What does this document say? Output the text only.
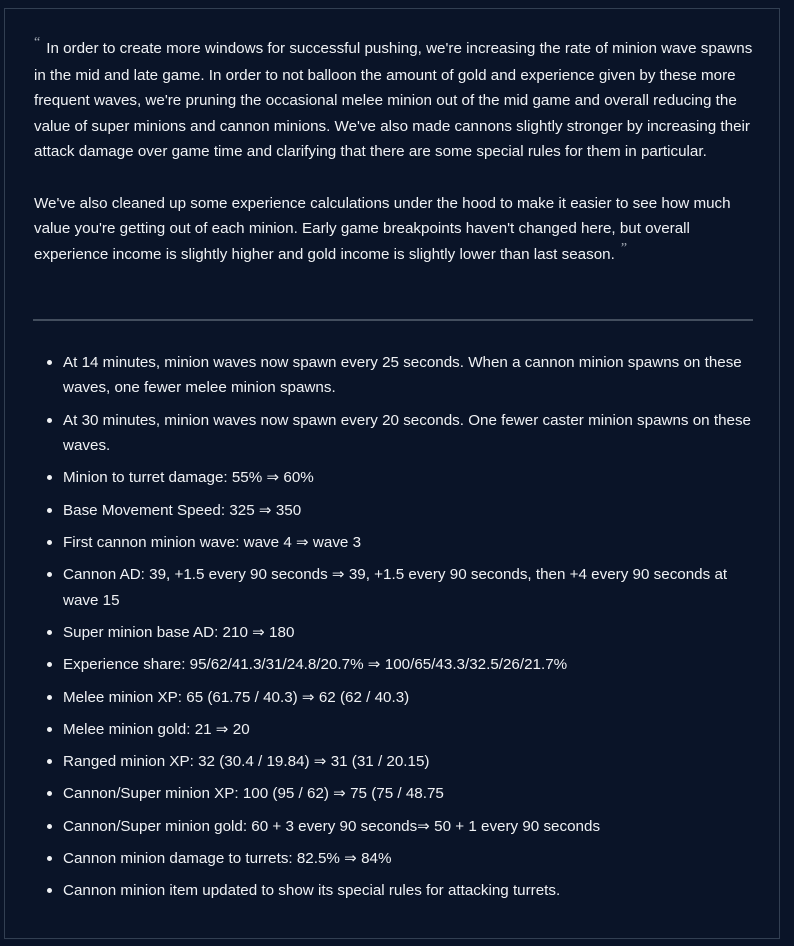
“ In order to create more windows for successful pushing, we're increasing the rate of minion wave spawns in the mid and late game. In order to not balloon the amount of gold and experience given by these more frequent waves, we're pruning the occasional melee minion out of the mid game and overall reducing the value of super minions and cannon minions. We've also made cannons slightly stronger by increasing their attack damage over game time and clarifying that there are some special rules for them in particular.

We've also cleaned up some experience calculations under the hood to make it easier to see how much value you're getting out of each minion. Early game breakpoints haven't changed here, but overall experience income is slightly higher and gold income is slightly lower than last season. ”

At 14 minutes, minion waves now spawn every 25 seconds. When a cannon minion spawns on these waves, one fewer melee minion spawns.
At 30 minutes, minion waves now spawn every 20 seconds. One fewer caster minion spawns on these waves.
Minion to turret damage: 55% ⇒ 60%
Base Movement Speed: 325 ⇒ 350
First cannon minion wave: wave 4 ⇒ wave 3
Cannon AD: 39, +1.5 every 90 seconds ⇒ 39, +1.5 every 90 seconds, then +4 every 90 seconds at wave 15
Super minion base AD: 210 ⇒ 180
Experience share: 95/62/41.3/31/24.8/20.7% ⇒ 100/65/43.3/32.5/26/21.7%
Melee minion XP: 65 (61.75 / 40.3) ⇒ 62 (62 / 40.3)
Melee minion gold: 21 ⇒ 20
Ranged minion XP: 32 (30.4 / 19.84) ⇒ 31 (31 / 20.15)
Cannon/Super minion XP: 100 (95 / 62) ⇒ 75 (75 / 48.75
Cannon/Super minion gold: 60 + 3 every 90 seconds⇒ 50 + 1 every 90 seconds
Cannon minion damage to turrets: 82.5% ⇒ 84%
Cannon minion item updated to show its special rules for attacking turrets.
